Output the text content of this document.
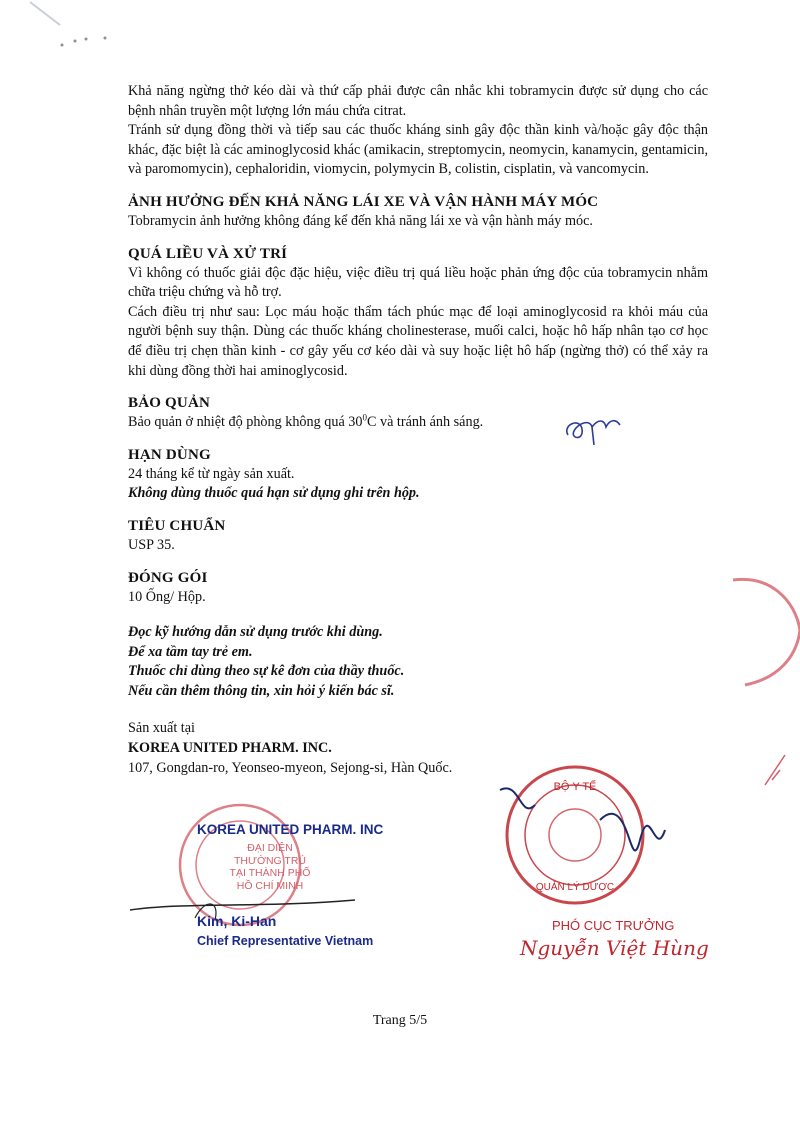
Khả năng ngừng thở kéo dài và thứ cấp phải được cân nhắc khi tobramycin được sử dụng cho các bệnh nhân truyền một lượng lớn máu chứa citrat.

Tránh sử dụng đồng thời và tiếp sau các thuốc kháng sinh gây độc thần kinh và/hoặc gây độc thận khác, đặc biệt là các aminoglycosid khác (amikacin, streptomycin, neomycin, kanamycin, gentamicin, và paromomycin), cephaloridin, viomycin, polymycin B, colistin, cisplatin, và vancomycin.

ẢNH HƯỞNG ĐẾN KHẢ NĂNG LÁI XE VÀ VẬN HÀNH MÁY MÓC

Tobramycin ảnh hưởng không đáng kể đến khả năng lái xe và vận hành máy móc.

QUÁ LIỀU VÀ XỬ TRÍ

Vì không có thuốc giải độc đặc hiệu, việc điều trị quá liều hoặc phản ứng độc của tobramycin nhằm chữa triệu chứng và hỗ trợ.

Cách điều trị như sau: Lọc máu hoặc thẩm tách phúc mạc để loại aminoglycosid ra khỏi máu của người bệnh suy thận. Dùng các thuốc kháng cholinesterase, muối calci, hoặc hô hấp nhân tạo cơ học để điều trị chẹn thần kinh - cơ gây yếu cơ kéo dài và suy hoặc liệt hô hấp (ngừng thở) có thể xảy ra khi dùng đồng thời hai aminoglycosid.

BẢO QUẢN

Bảo quản ở nhiệt độ phòng không quá $30^0C$ và tránh ánh sáng.

HẠN DÙNG

24 tháng kể từ ngày sản xuất.

Không dùng thuốc quá hạn sử dụng ghi trên hộp.

TIÊU CHUẨN

USP 35.

ĐÓNG GÓI

10 Ống/ Hộp.

Đọc kỹ hướng dẫn sử dụng trước khi dùng.

Để xa tầm tay trẻ em.

Thuốc chỉ dùng theo sự kê đơn của thầy thuốc.

Nếu cần thêm thông tin, xin hỏi ý kiến bác sĩ.

Sản xuất tại

KOREA UNITED PHARM. INC.

107, Gongdan-ro, Yeonseo-myeon, Sejong-si, Hàn Quốc.

KOREA UNITED PHARM. INC
ĐẠI DIỆN
THƯỜNG TRÚ
TẠI THÀNH PHỐ
HỒ CHÍ MINH
Kim, Ki-Han
Chief Representative Vietnam
BỘ Y TẾ
QUẢN LÝ DƯỢC
PHÓ CỤC TRƯỞNG
Nguyễn Việt Hùng
Trang 5/5
